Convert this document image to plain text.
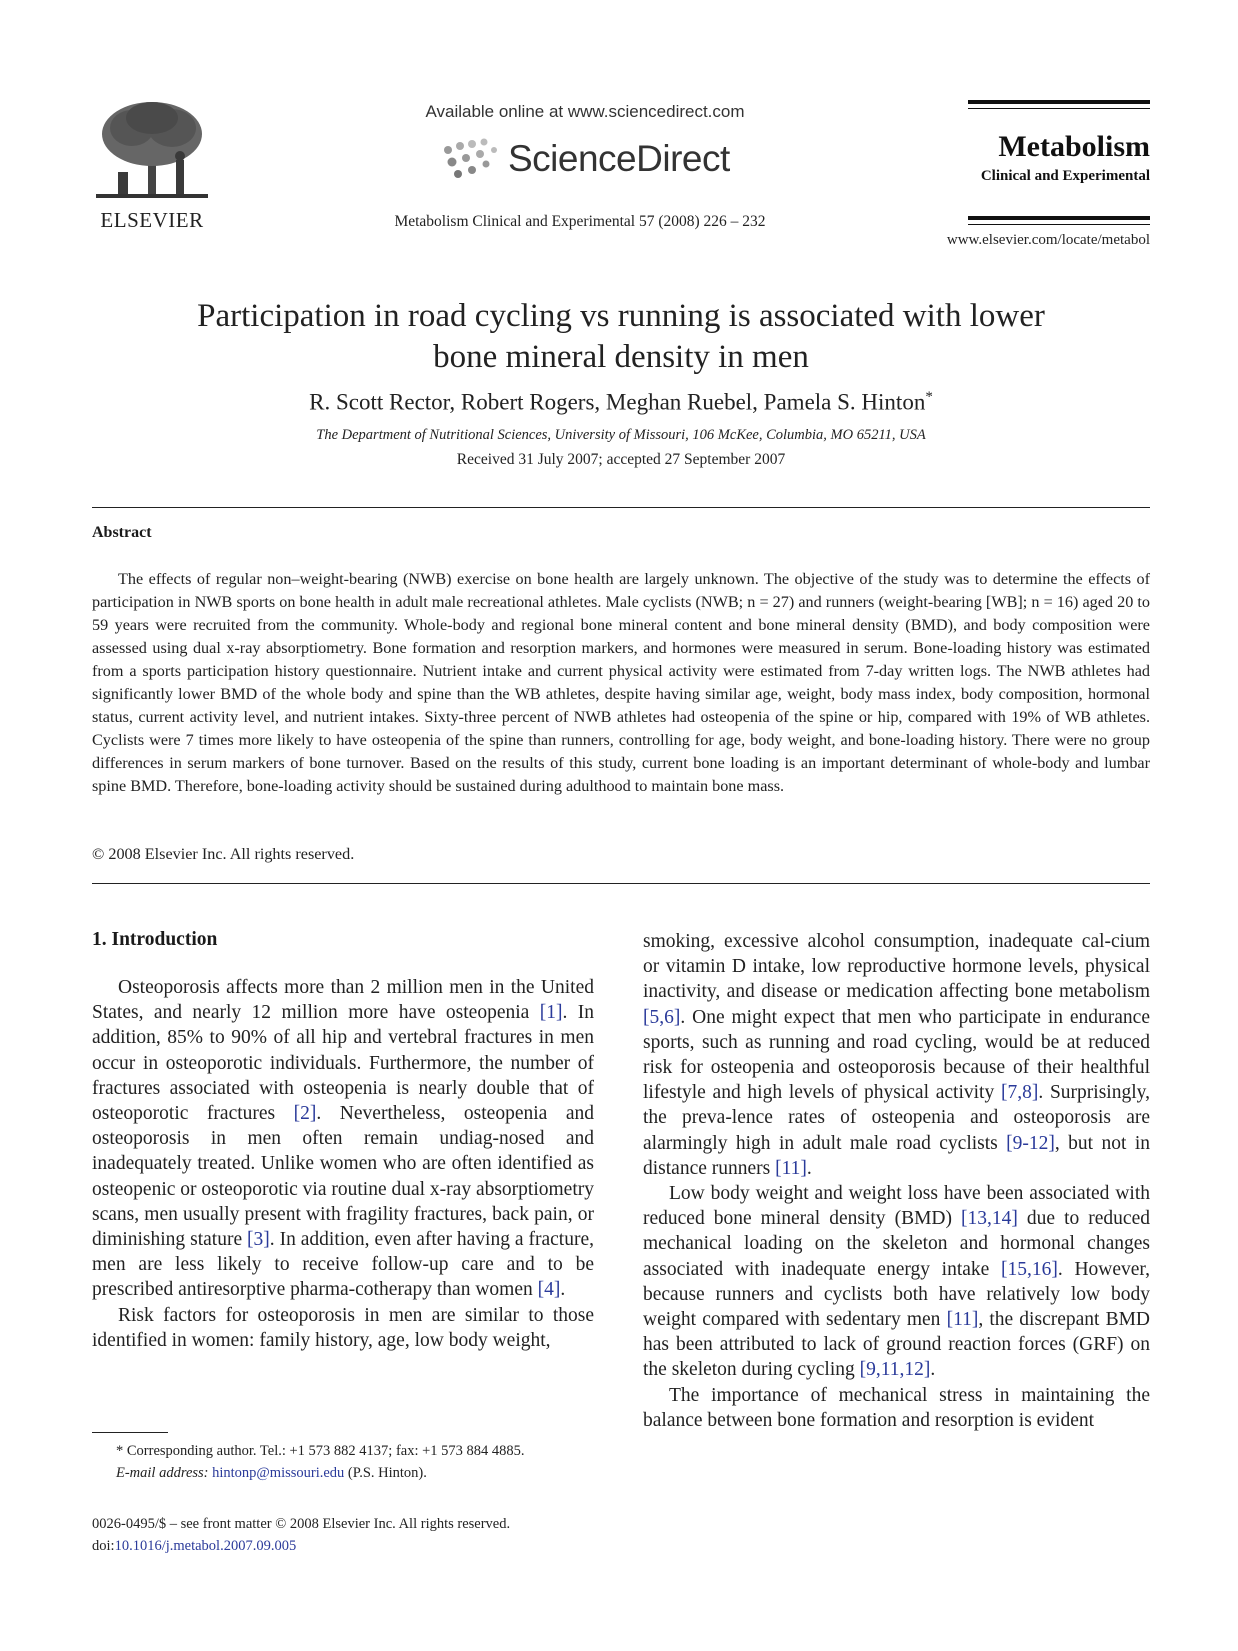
ELSEVIER
Available online at www.sciencedirect.com
ScienceDirect
Metabolism Clinical and Experimental 57 (2008) 226 – 232
Metabolism
Clinical and Experimental
www.elsevier.com/locate/metabol
Participation in road cycling vs running is associated with lower
bone mineral density in men
R. Scott Rector, Robert Rogers, Meghan Ruebel, Pamela S. Hinton*
The Department of Nutritional Sciences, University of Missouri, 106 McKee, Columbia, MO 65211, USA
Received 31 July 2007; accepted 27 September 2007
Abstract
The effects of regular non–weight-bearing (NWB) exercise on bone health are largely unknown. The objective of the study was to determine the effects of participation in NWB sports on bone health in adult male recreational athletes. Male cyclists (NWB; n = 27) and runners (weight-bearing [WB]; n = 16) aged 20 to 59 years were recruited from the community. Whole-body and regional bone mineral content and bone mineral density (BMD), and body composition were assessed using dual x-ray absorptiometry. Bone formation and resorption markers, and hormones were measured in serum. Bone-loading history was estimated from a sports participation history questionnaire. Nutrient intake and current physical activity were estimated from 7-day written logs. The NWB athletes had significantly lower BMD of the whole body and spine than the WB athletes, despite having similar age, weight, body mass index, body composition, hormonal status, current activity level, and nutrient intakes. Sixty-three percent of NWB athletes had osteopenia of the spine or hip, compared with 19% of WB athletes. Cyclists were 7 times more likely to have osteopenia of the spine than runners, controlling for age, body weight, and bone-loading history. There were no group differences in serum markers of bone turnover. Based on the results of this study, current bone loading is an important determinant of whole-body and lumbar spine BMD. Therefore, bone-loading activity should be sustained during adulthood to maintain bone mass.
© 2008 Elsevier Inc. All rights reserved.
1. Introduction

Osteoporosis affects more than 2 million men in the United States, and nearly 12 million more have osteopenia [1]. In addition, 85% to 90% of all hip and vertebral fractures in men occur in osteoporotic individuals. Furthermore, the number of fractures associated with osteopenia is nearly double that of osteoporotic fractures [2]. Nevertheless, osteopenia and osteoporosis in men often remain undiag-nosed and inadequately treated. Unlike women who are often identified as osteopenic or osteoporotic via routine dual x-ray absorptiometry scans, men usually present with fragility fractures, back pain, or diminishing stature [3]. In addition, even after having a fracture, men are less likely to receive follow-up care and to be prescribed antiresorptive pharma-cotherapy than women [4].

Risk factors for osteoporosis in men are similar to those identified in women: family history, age, low body weight,

smoking, excessive alcohol consumption, inadequate cal-cium or vitamin D intake, low reproductive hormone levels, physical inactivity, and disease or medication affecting bone metabolism [5,6]. One might expect that men who participate in endurance sports, such as running and road cycling, would be at reduced risk for osteopenia and osteoporosis because of their healthful lifestyle and high levels of physical activity [7,8]. Surprisingly, the preva-lence rates of osteopenia and osteoporosis are alarmingly high in adult male road cyclists [9-12], but not in distance runners [11].

Low body weight and weight loss have been associated with reduced bone mineral density (BMD) [13,14] due to reduced mechanical loading on the skeleton and hormonal changes associated with inadequate energy intake [15,16]. However, because runners and cyclists both have relatively low body weight compared with sedentary men [11], the discrepant BMD has been attributed to lack of ground reaction forces (GRF) on the skeleton during cycling [9,11,12].

The importance of mechanical stress in maintaining the balance between bone formation and resorption is evident

* Corresponding author. Tel.: +1 573 882 4137; fax: +1 573 884 4885.
E-mail address: hintonp@missouri.edu (P.S. Hinton).
0026-0495/$ – see front matter © 2008 Elsevier Inc. All rights reserved.
doi:10.1016/j.metabol.2007.09.005
